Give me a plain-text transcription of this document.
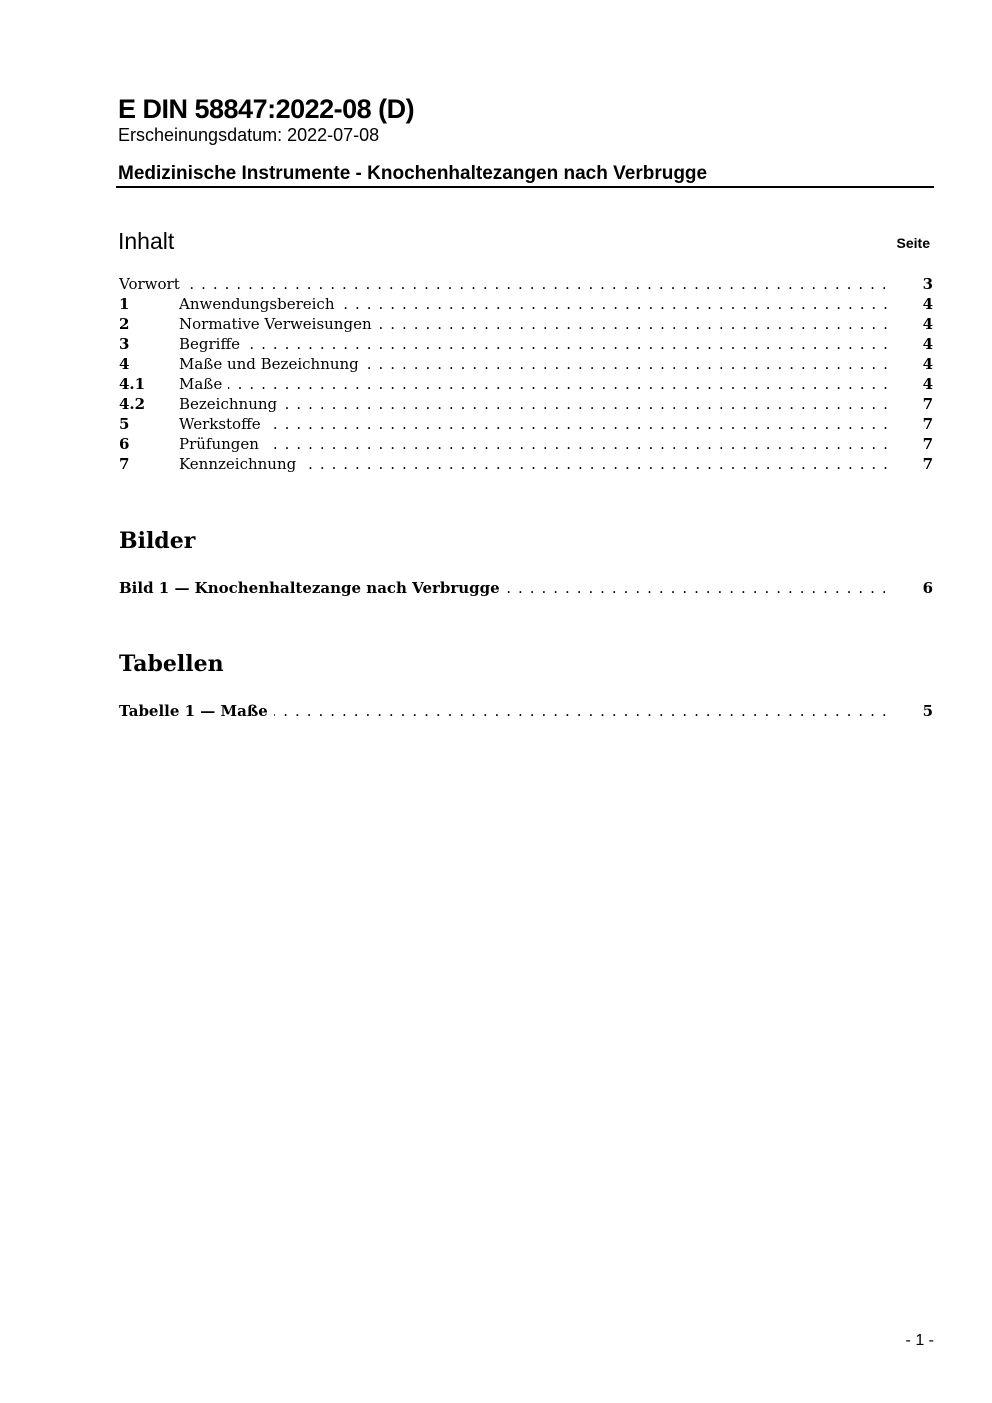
E DIN 58847:2022-08 (D)
Erscheinungsdatum: 2022-07-08
Medizinische Instrumente - Knochenhaltezangen nach Verbrugge
Inhalt	Seite
Vorwort . . .	3
1	Anwendungsbereich . . .	4
2	Normative Verweisungen . . .	4
3	Begriffe . . .	4
4	Maße und Bezeichnung . . .	4
4.1 Maße . . .	4
4.2 Bezeichnung . . .	7
5	Werkstoffe . . .	7
6	Prüfungen . . .	7
7	Kennzeichnung . . .	7
Bilder
Bild 1 — Knochenhaltezange nach Verbrugge . . .	6
Tabellen
Tabelle 1 — Maße . . .	5
- 1 -
